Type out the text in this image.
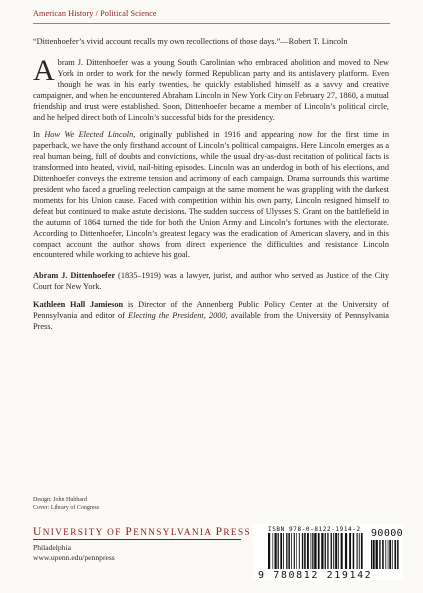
American History / Political Science
“Dittenhoefer’s vivid account recalls my own recollections of those days.”—Robert T. Lincoln

Abram J. Dittenhoefer was a young South Carolinian who embraced abolition and moved to New York in order to work for the newly formed Republican party and its antislavery platform. Even though he was in his early twenties, he quickly established himself as a savvy and creative campaigner, and when he encountered Abraham Lincoln in New York City on February 27, 1860, a mutual friendship and trust were established. Soon, Dittenhoefer became a member of Lincoln’s political circle, and he helped direct both of Lincoln’s successful bids for the presidency.

In How We Elected Lincoln, originally published in 1916 and appearing now for the first time in paperback, we have the only firsthand account of Lincoln’s political campaigns. Here Lincoln emerges as a real human being, full of doubts and convictions, while the usual dry-as-dust recitation of political facts is transformed into heated, vivid, nail-biting episodes. Lincoln was an underdog in both of his elections, and Dittenhoefer conveys the extreme tension and acrimony of each campaign. Drama surrounds this wartime president who faced a grueling reelection campaign at the same moment he was grappling with the darkest moments for his Union cause. Faced with competition within his own party, Lincoln resigned himself to defeat but continued to make astute decisions. The sudden success of Ulysses S. Grant on the battlefield in the autumn of 1864 turned the tide for both the Union Army and Lincoln’s fortunes with the electorate. According to Dittenhoefer, Lincoln’s greatest legacy was the eradication of American slavery, and in this compact account the author shows from direct experience the difficulties and resistance Lincoln encountered while working to achieve his goal.

Abram J. Dittenhoefer (1835–1919) was a lawyer, jurist, and author who served as Justice of the City Court for New York.

Kathleen Hall Jamieson is Director of the Annenberg Public Policy Center at the University of Pennsylvania and editor of Electing the President, 2000, available from the University of Pennsylvania Press.

Design: John Hubbard
Cover: Library of Congress
UNIVERSITY OF PENNSYLVANIA PRESS
Philadelphia
www.upenn.edu/pennpress
ISBN 978-0-8122-1914-2 90000
9 780812 219142
